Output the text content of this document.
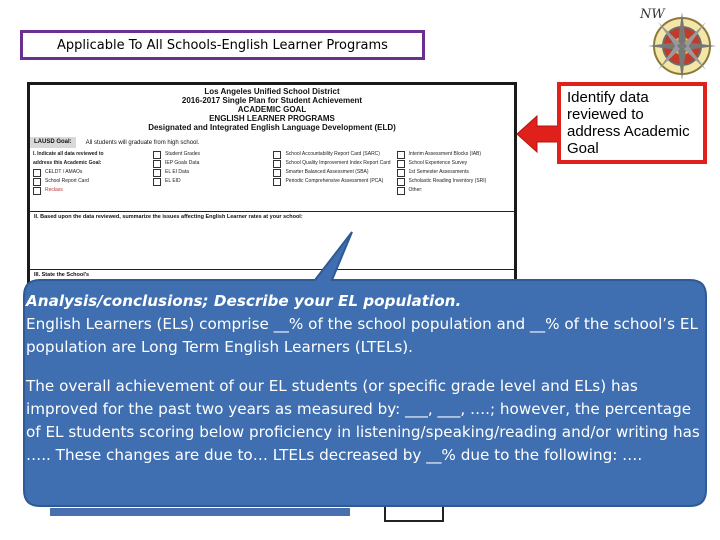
Applicable To All Schools-English Learner Programs
NW
Los Angeles Unified School District
2016-2017 Single Plan for Student Achievement
ACADEMIC GOAL
ENGLISH LEARNER PROGRAMS
Designated and Integrated English Language Development (ELD)
LAUSD Goal:	All students will graduate from high school.
I. Indicate all data reviewed to
address this Academic Goal:
CELDT / AMAOs
School Report Card
Reclass
Student Grades
IEP Goals Data
EL EI Data
EL EID
School Accountability Report Card (SARC)
School Quality Improvement Index Report Card
Smarter Balanced Assessment (SBA)
Periodic Comprehensive Assessment (PCA)
Interim Assessment Blocks (IAB)
School Experience Survey
1st Semester Assessments
Scholastic Reading Inventory (SRI)
Other:
II. Based upon the data reviewed, summarize the issues affecting English Learner rates at your school:
III. State the School's
Identify data reviewed to address Academic Goal

Analysis/conclusions; Describe your EL population.

English Learners (ELs) comprise __% of the school population and __% of the school’s EL population are Long Term English Learners (LTELs).

The overall achievement of our EL students (or specific grade level and ELs) has improved for the past two years as measured by: ___, ___, ….; however, the percentage of EL students scoring below proficiency in listening/speaking/reading and/or writing has ….. These changes are due to… LTELs decreased by __% due to the following: ….
